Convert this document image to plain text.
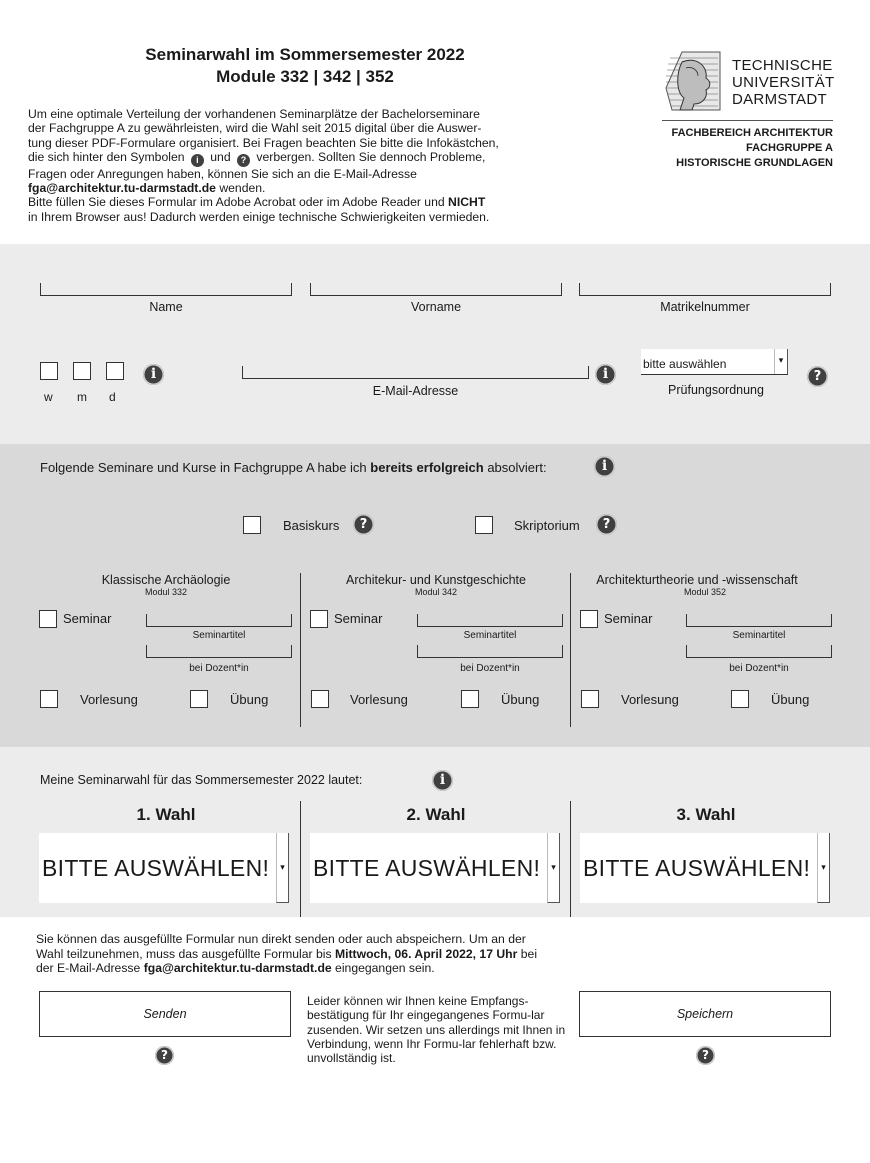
Seminarwahl im Sommersemester 2022
Module 332 | 342 | 352
Um eine optimale Verteilung der vorhandenen Seminarplätze der Bachelorseminare
der Fachgruppe A zu gewährleisten, wird die Wahl seit 2015 digital über die Auswer-
tung dieser PDF-Formulare organisiert. Bei Fragen beachten Sie bitte die Infokästchen,
die sich hinter den Symbolen i und ? verbergen. Sollten Sie dennoch Probleme,
Fragen oder Anregungen haben, können Sie sich an die E-Mail-Adresse
fga@architektur.tu-darmstadt.de wenden.
Bitte füllen Sie dieses Formular im Adobe Acrobat oder im Adobe Reader und NICHT
in Ihrem Browser aus! Dadurch werden einige technische Schwierigkeiten vermieden.
TECHNISCHE
UNIVERSITÄT
DARMSTADT
FACHBEREICH ARCHITEKTUR
FACHGRUPPE A
HISTORISCHE GRUNDLAGEN
Name	Vorname	Matrikelnummer
w m d
i
E-Mail-Adresse
i
bitte auswählen	▾
Prüfungsordnung
?
Folgende Seminare und Kurse in Fachgruppe A habe ich bereits erfolgreich absolviert:	i
Basiskurs	?	Skriptorium	?
Klassische Archäologie
Modul 332
Seminar
Seminartitel
bei Dozent*in
Vorlesung	Übung
Architekur- und Kunstgeschichte
Modul 342
Seminar
Seminartitel
bei Dozent*in
Vorlesung	Übung
Architekturtheorie und -wissenschaft
Modul 352
Seminar
Seminartitel
bei Dozent*in
Vorlesung	Übung
Meine Seminarwahl für das Sommersemester 2022 lautet:	i
1. Wahl	2. Wahl	3. Wahl
BITTE AUSWÄHLEN!	▾ BITTE AUSWÄHLEN!	▾ BITTE AUSWÄHLEN!	▾
Sie können das ausgefüllte Formular nun direkt senden oder auch abspeichern. Um an der
Wahl teilzunehmen, muss das ausgefüllte Formular bis Mittwoch, 06. April 2022, 17 Uhr bei
der E-Mail-Adresse fga@architektur.tu-darmstadt.de eingegangen sein.
Senden
?
Leider können wir Ihnen keine Empfangs-bestätigung für Ihr eingegangenes Formu-lar zusenden. Wir setzen uns allerdings mit Ihnen in Verbindung, wenn Ihr Formu-lar fehlerhaft bzw. unvollständig ist.
Speichern
?
